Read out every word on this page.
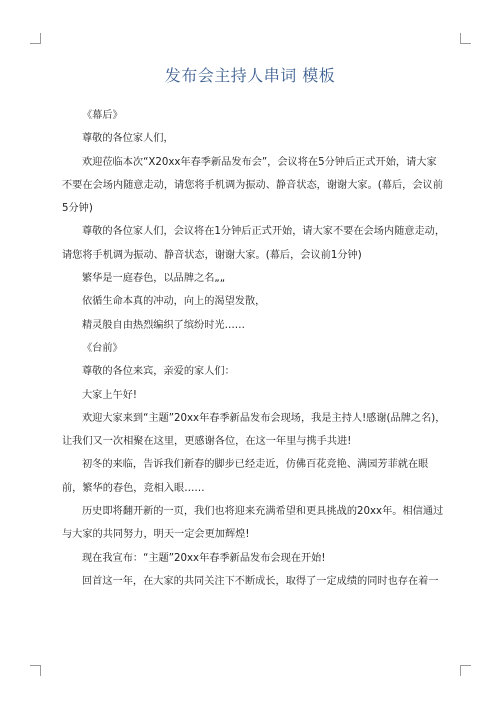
发布会主持人串词 模板

《幕后》

尊敬的各位家人们，

欢迎莅临本次“X20xx年春季新品发布会”，会议将在5分钟后正式开始，请大家不要在会场内随意走动，请您将手机调为振动、静音状态，谢谢大家。(幕后，会议前5分钟)

尊敬的各位家人们，会议将在1分钟后正式开始，请大家不要在会场内随意走动，请您将手机调为振动、静音状态，谢谢大家。(幕后，会议前1分钟)

繁华是一庭春色，以品牌之名„„

依循生命本真的冲动，向上的渴望发散，

精灵般自由热烈编织了缤纷时光……

《台前》

尊敬的各位来宾，亲爱的家人们：

大家上午好!

欢迎大家来到“主题”20xx年春季新品发布会现场，我是主持人!感谢(品牌之名)，让我们又一次相聚在这里，更感谢各位，在这一年里与携手共进!

初冬的来临，告诉我们新春的脚步已经走近，仿佛百花竞艳、满园芳菲就在眼前，繁华的春色，竞相入眼……

历史即将翻开新的一页，我们也将迎来充满希望和更具挑战的20xx年。相信通过与大家的共同努力，明天一定会更加辉煌!

现在我宣布：“主题”20xx年春季新品发布会现在开始!

回首这一年，在大家的共同关注下不断成长，取得了一定成绩的同时也存在着一
